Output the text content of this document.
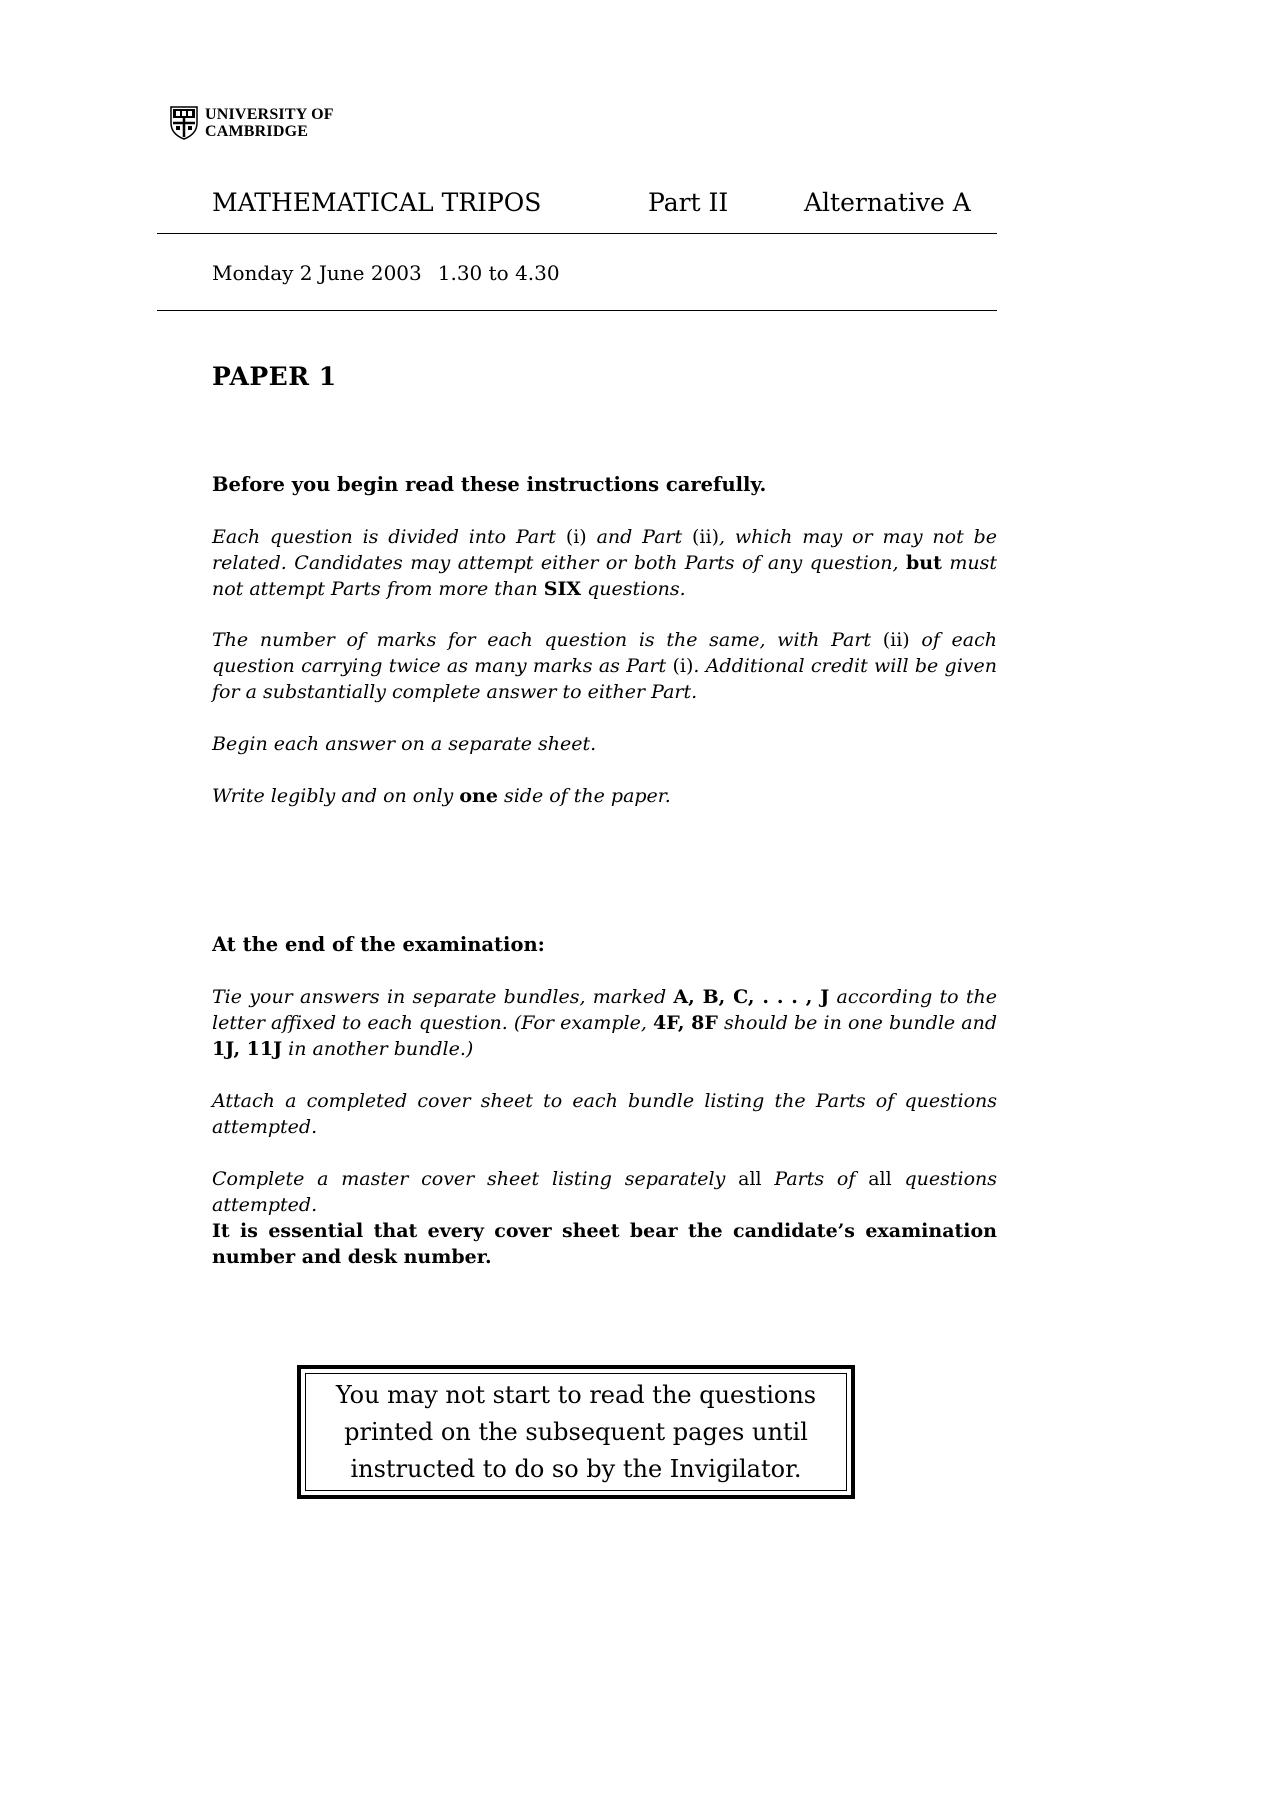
UNIVERSITY OF
CAMBRIDGE
MATHEMATICAL TRIPOS	Part II	Alternative A
Monday 2 June 2003 1.30 to 4.30
PAPER 1
Before you begin read these instructions carefully.
Each question is divided into Part (i) and Part (ii), which may or may not be related. Candidates may attempt either or both Parts of any question, but must not attempt Parts from more than SIX questions.
The number of marks for each question is the same, with Part (ii) of each question carrying twice as many marks as Part (i). Additional credit will be given for a substantially complete answer to either Part.
Begin each answer on a separate sheet.
Write legibly and on only one side of the paper.
At the end of the examination:
Tie your answers in separate bundles, marked A, B, C, . . . , J according to the letter affixed to each question. (For example, 4F, 8F should be in one bundle and 1J, 11J in another bundle.)
Attach a completed cover sheet to each bundle listing the Parts of questions attempted.
Complete a master cover sheet listing separately all Parts of all questions attempted.
It is essential that every cover sheet bear the candidate’s examination number and desk number.
You may not start to read the questions
printed on the subsequent pages until
instructed to do so by the Invigilator.
